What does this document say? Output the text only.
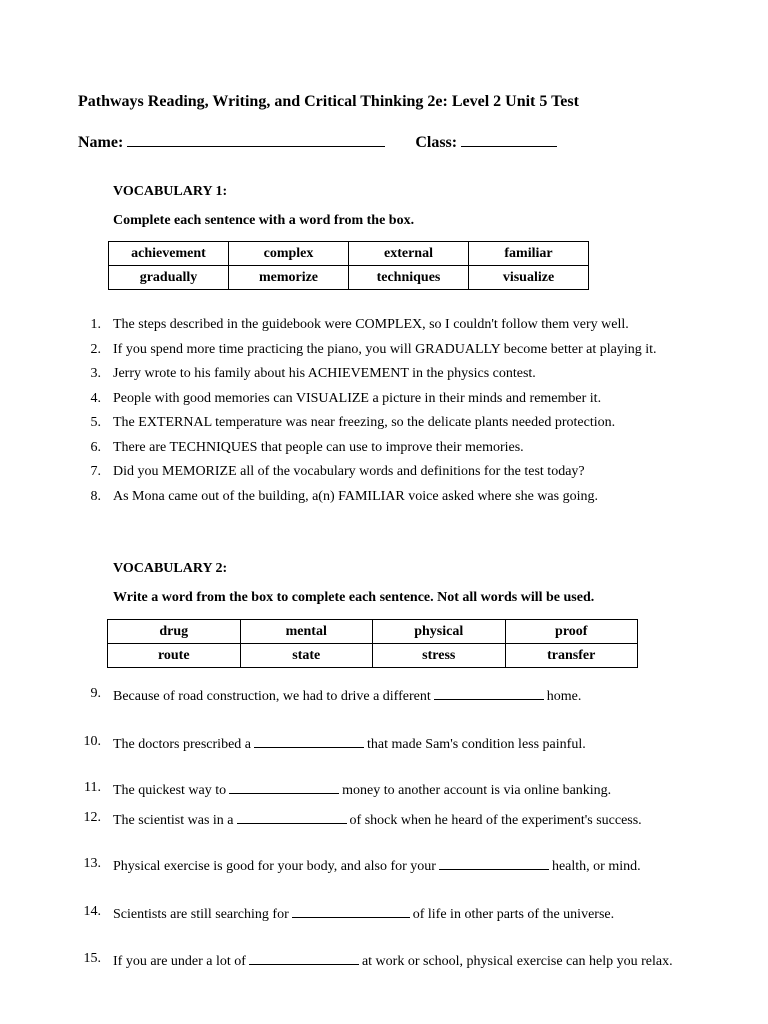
Pathways Reading, Writing, and Critical Thinking 2e: Level 2 Unit 5 Test
Name:	Class:
VOCABULARY 1:
Complete each sentence with a word from the box.
achievement	complex	external	familiar
gradually	memorize	techniques	visualize
1. The steps described in the guidebook were COMPLEX, so I couldn't follow them very well.
2. If you spend more time practicing the piano, you will GRADUALLY become better at playing it.
3. Jerry wrote to his family about his ACHIEVEMENT in the physics contest.
4. People with good memories can VISUALIZE a picture in their minds and remember it.
5. The EXTERNAL temperature was near freezing, so the delicate plants needed protection.
6. There are TECHNIQUES that people can use to improve their memories.
7. Did you MEMORIZE all of the vocabulary words and definitions for the test today?
8. As Mona came out of the building, a(n) FAMILIAR voice asked where she was going.
VOCABULARY 2:
Write a word from the box to complete each sentence. Not all words will be used.
drug	mental	physical	proof
route	state	stress	transfer
9. Because of road construction, we had to drive a different	home.
10. The doctors prescribed a	that made Sam's condition less painful.
11. The quickest way to	money to another account is via online banking.
12. The scientist was in a	of shock when he heard of the experiment's success.
13. Physical exercise is good for your body, and also for your	health, or mind.
14. Scientists are still searching for	of life in other parts of the universe.
15. If you are under a lot of	at work or school, physical exercise can help you relax.
